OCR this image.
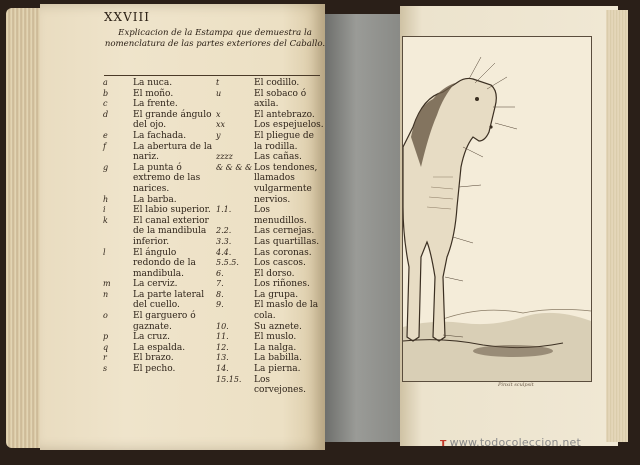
XXVIII
Explicacion de la Estampa que demuestra la nomenclatura de las partes exteriores del Caballo.
a	La nuca.
b	El moño.
c	La frente.
d	El grande ángulo del ojo.
e	La fachada.
f	La abertura de la nariz.
g	La punta ó extremo de las narices.
h	La barba.
i	El labio superior.
k	El canal exterior de la mandibula inferior.
l	El ángulo redondo de la mandibula.
m	La cerviz.
n	La parte lateral del cuello.
o	El garguero ó gaznate.
p	La cruz.
q	La espalda.
r	El brazo.
s	El pecho.
t	El codillo.
u	El sobaco ó axila.
x	El antebrazo.
xx	Los espejuelos.
y	El pliegue de la rodilla.
zzzz	Las cañas.
& & & & Los tendones, llamados vulgarmente nervios.
1.1.	Los menudillos.
2.2.	Las cernejas.
3.3.	Las quartillas.
4.4.	Las coronas.
5.5.5.	Los cascos.
6.	El dorso.
7.	Los riñones.
8.	La grupa.
9.	El maslo de la cola.
10.	Su aznete.
11.	El muslo.
12.	La nalga.
13.	La babilla.
14.	La pierna.
15.15.	Los corvejones.
Pinxit sculpsit
ᴛ www.todocoleccion.net
